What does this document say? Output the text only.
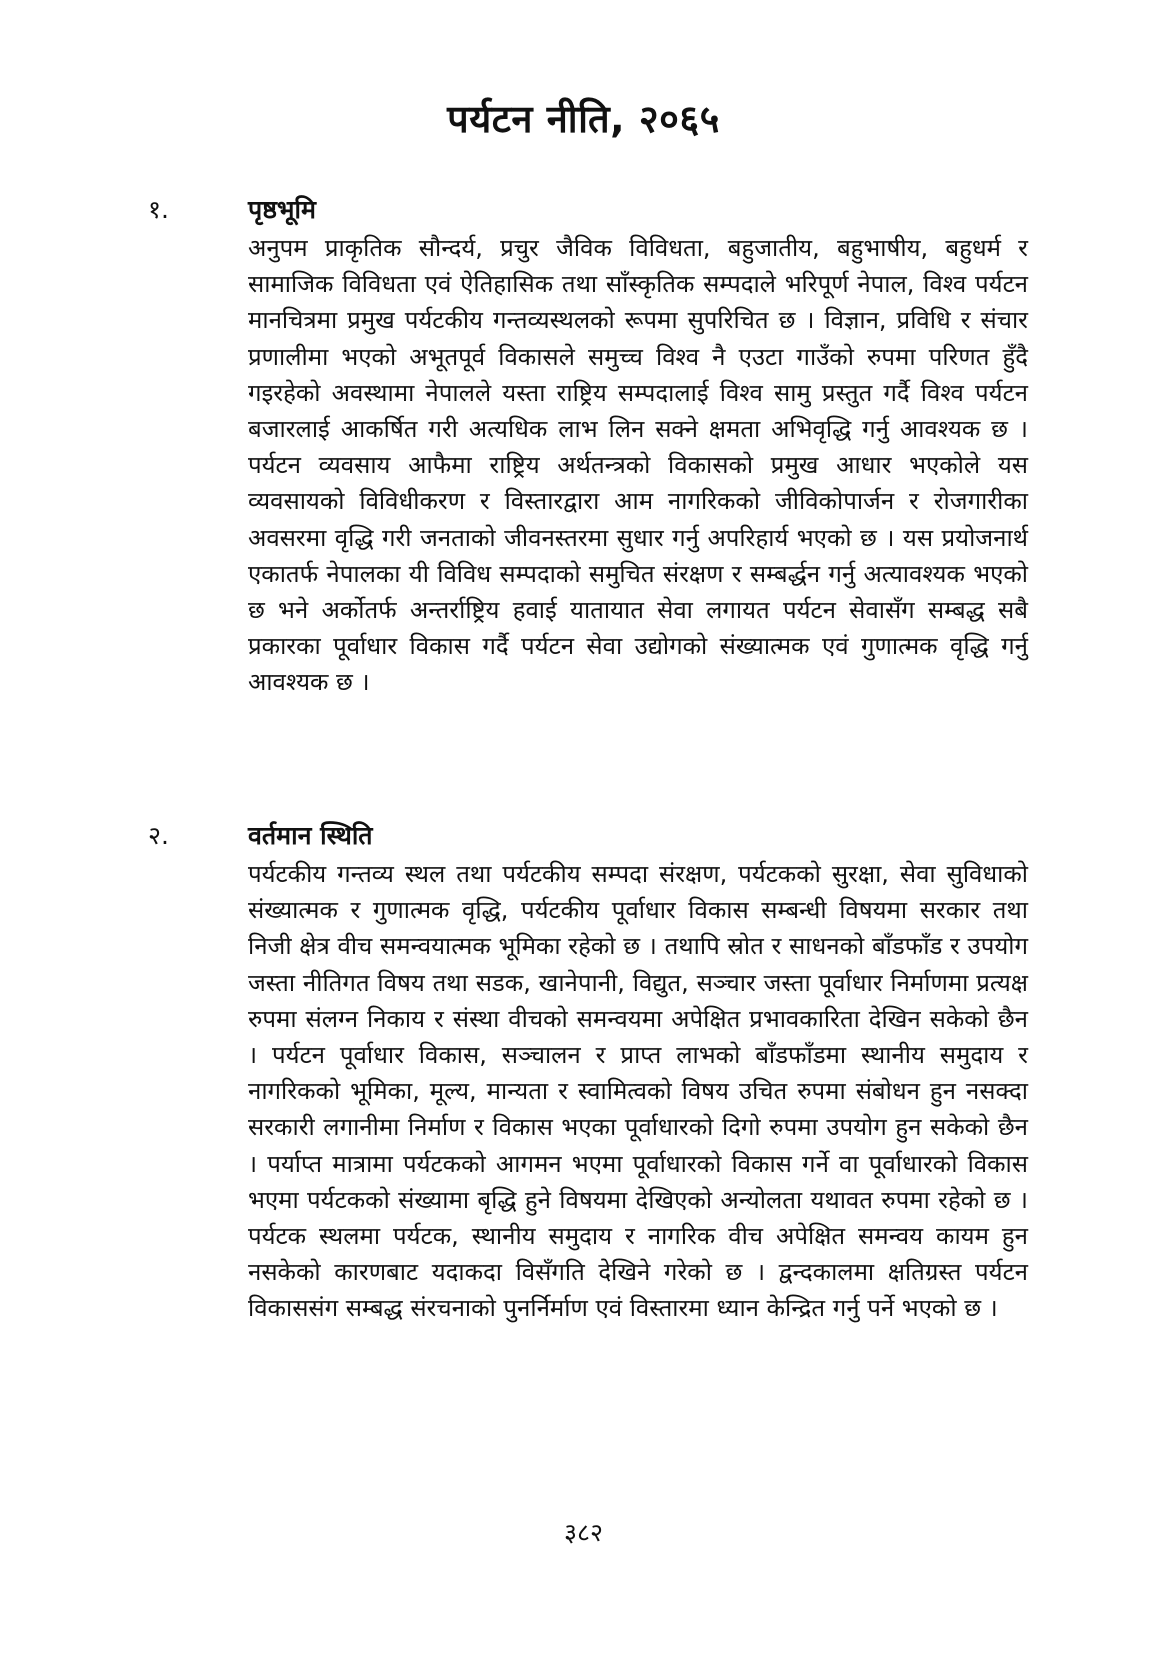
पर्यटन नीति, २०६५
१.	पृष्ठभूमि

अनुपम प्राकृतिक सौन्दर्य, प्रचुर जैविक विविधता, बहुजातीय, बहुभाषीय, बहुधर्म र सामाजिक विविधता एवं ऐतिहासिक तथा साँस्कृतिक सम्पदाले भरिपूर्ण नेपाल, विश्व पर्यटन मानचित्रमा प्रमुख पर्यटकीय गन्तव्यस्थलको रूपमा सुपरिचित छ । विज्ञान, प्रविधि र संचार प्रणालीमा भएको अभूतपूर्व विकासले समुच्च विश्व नै एउटा गाउँको रुपमा परिणत हुँदै गइरहेको अवस्थामा नेपालले यस्ता राष्ट्रिय सम्पदालाई विश्व सामु प्रस्तुत गर्दै विश्व पर्यटन बजारलाई आकर्षित गरी अत्यधिक लाभ लिन सक्ने क्षमता अभिवृद्धि गर्नु आवश्यक छ । पर्यटन व्यवसाय आफैमा राष्ट्रिय अर्थतन्त्रको विकासको प्रमुख आधार भएकोले यस व्यवसायको विविधीकरण र विस्तारद्वारा आम नागरिकको जीविकोपार्जन र रोजगारीका अवसरमा वृद्धि गरी जनताको जीवनस्तरमा सुधार गर्नु अपरिहार्य भएको छ । यस प्रयोजनार्थ एकातर्फ नेपालका यी विविध सम्पदाको समुचित संरक्षण र सम्बर्द्धन गर्नु अत्यावश्यक भएको छ भने अर्कोतर्फ अन्तर्राष्ट्रिय हवाई यातायात सेवा लगायत पर्यटन सेवासँग सम्बद्ध सबै प्रकारका पूर्वाधार विकास गर्दै पर्यटन सेवा उद्योगको संख्यात्मक एवं गुणात्मक वृद्धि गर्नु आवश्यक छ ।

२.	वर्तमान स्थिति

पर्यटकीय गन्तव्य स्थल तथा पर्यटकीय सम्पदा संरक्षण, पर्यटकको सुरक्षा, सेवा सुविधाको संख्यात्मक र गुणात्मक वृद्धि, पर्यटकीय पूर्वाधार विकास सम्बन्धी विषयमा सरकार तथा निजी क्षेत्र वीच समन्वयात्मक भूमिका रहेको छ । तथापि स्रोत र साधनको बाँडफाँड र उपयोग जस्ता नीतिगत विषय तथा सडक, खानेपानी, विद्युत, सञ्चार जस्ता पूर्वाधार निर्माणमा प्रत्यक्ष रुपमा संलग्न निकाय र संस्था वीचको समन्वयमा अपेक्षित प्रभावकारिता देखिन सकेको छैन । पर्यटन पूर्वाधार विकास, सञ्चालन र प्राप्त लाभको बाँडफाँडमा स्थानीय समुदाय र नागरिकको भूमिका, मूल्य, मान्यता र स्वामित्वको विषय उचित रुपमा संबोधन हुन नसक्दा सरकारी लगानीमा निर्माण र विकास भएका पूर्वाधारको दिगो रुपमा उपयोग हुन सकेको छैन । पर्याप्त मात्रामा पर्यटकको आगमन भएमा पूर्वाधारको विकास गर्ने वा पूर्वाधारको विकास भएमा पर्यटकको संख्यामा बृद्धि हुने विषयमा देखिएको अन्योलता यथावत रुपमा रहेको छ । पर्यटक स्थलमा पर्यटक, स्थानीय समुदाय र नागरिक वीच अपेक्षित समन्वय कायम हुन नसकेको कारणबाट यदाकदा विसँगति देखिने गरेको छ । द्वन्दकालमा क्षतिग्रस्त पर्यटन विकाससंग सम्बद्ध संरचनाको पुनर्निर्माण एवं विस्तारमा ध्यान केन्द्रित गर्नु पर्ने भएको छ ।

३८२
